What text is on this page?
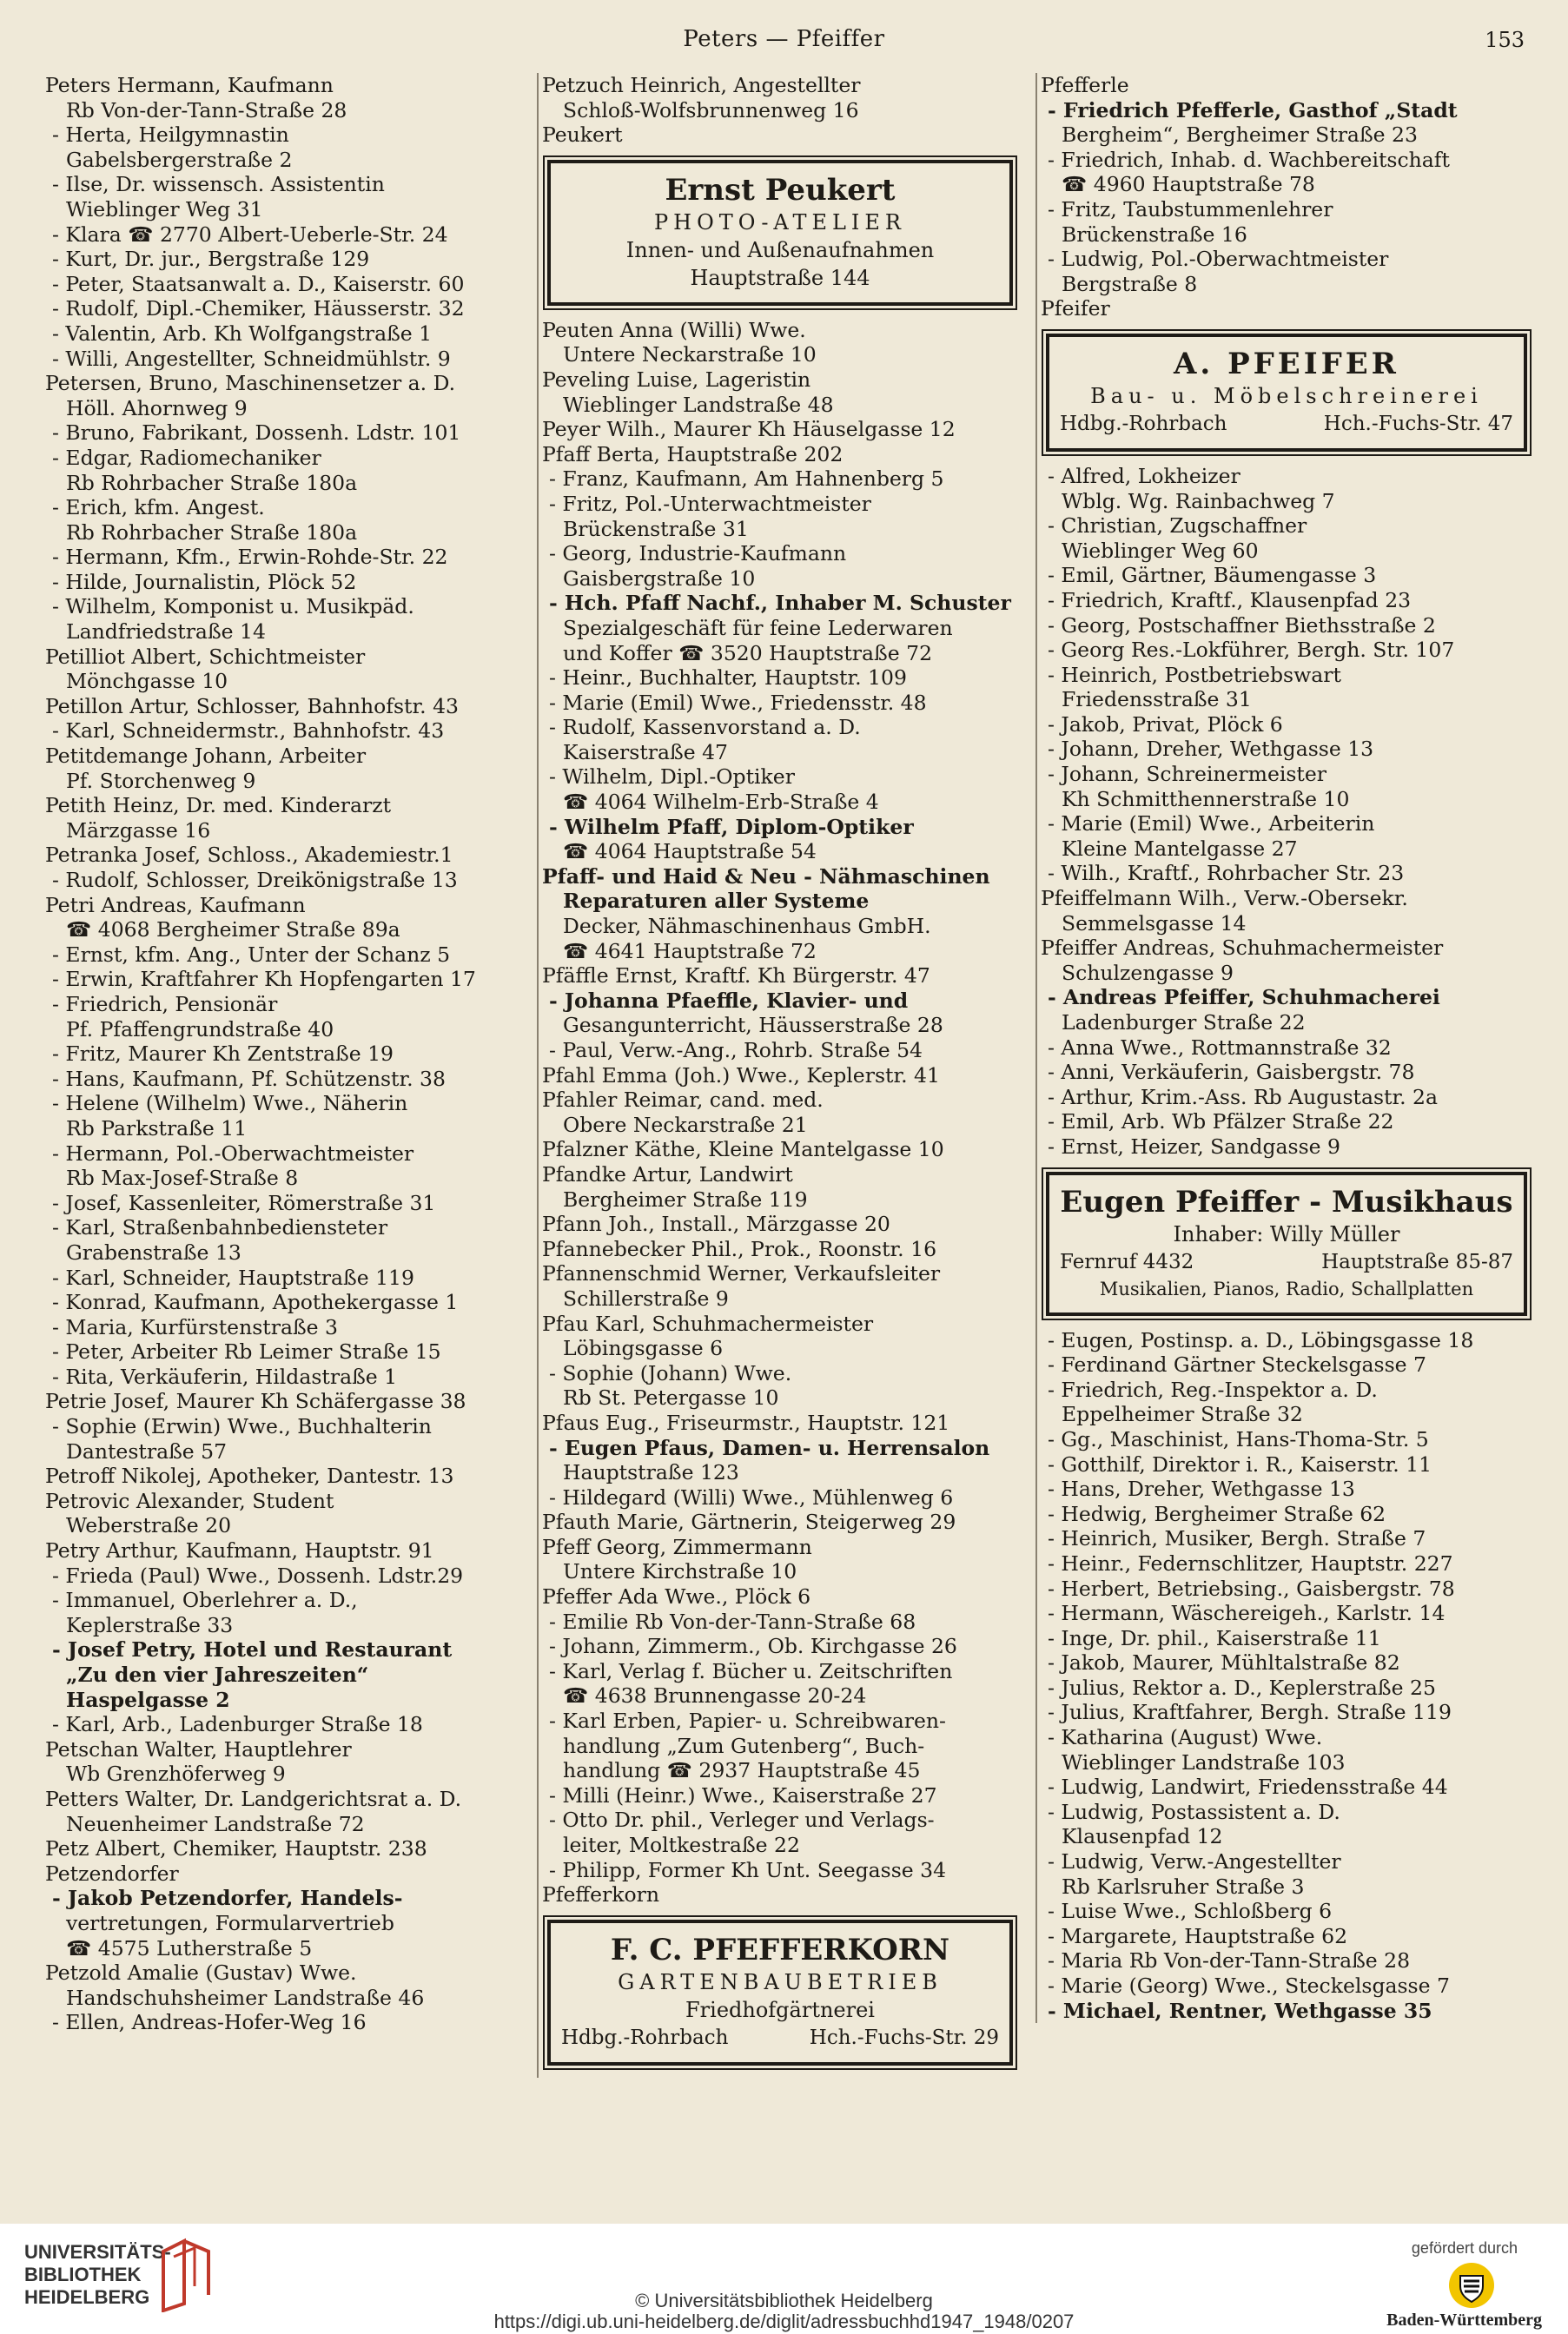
Peters — Pfeiffer	153
Peters Hermann, Kaufmann
Rb Von-der-Tann-Straße 28
- Herta, Heilgymnastin
Gabelsbergerstraße 2
- Ilse, Dr. wissensch. Assistentin
Wieblinger Weg 31
- Klara ☎ 2770 Albert-Ueberle-Str. 24
- Kurt, Dr. jur., Bergstraße 129
- Peter, Staatsanwalt a. D., Kaiserstr. 60
- Rudolf, Dipl.-Chemiker, Häusserstr. 32
- Valentin, Arb. Kh Wolfgangstraße 1
- Willi, Angestellter, Schneidmühlstr. 9
Petersen, Bruno, Maschinensetzer a. D.
Höll. Ahornweg 9
- Bruno, Fabrikant, Dossenh. Ldstr. 101
- Edgar, Radiomechaniker
Rb Rohrbacher Straße 180a
- Erich, kfm. Angest.
Rb Rohrbacher Straße 180a
- Hermann, Kfm., Erwin-Rohde-Str. 22
- Hilde, Journalistin, Plöck 52
- Wilhelm, Komponist u. Musikpäd.
Landfriedstraße 14
Petilliot Albert, Schichtmeister
Mönchgasse 10
Petillon Artur, Schlosser, Bahnhofstr. 43
- Karl, Schneidermstr., Bahnhofstr. 43
Petitdemange Johann, Arbeiter
Pf. Storchenweg 9
Petith Heinz, Dr. med. Kinderarzt
Märzgasse 16
Petranka Josef, Schloss., Akademiestr.1
- Rudolf, Schlosser, Dreikönigstraße 13
Petri Andreas, Kaufmann
☎ 4068 Bergheimer Straße 89a
- Ernst, kfm. Ang., Unter der Schanz 5
- Erwin, Kraftfahrer Kh Hopfengarten 17
- Friedrich, Pensionär
Pf. Pfaffengrundstraße 40
- Fritz, Maurer Kh Zentstraße 19
- Hans, Kaufmann, Pf. Schützenstr. 38
- Helene (Wilhelm) Wwe., Näherin
Rb Parkstraße 11
- Hermann, Pol.-Oberwachtmeister
Rb Max-Josef-Straße 8
- Josef, Kassenleiter, Römerstraße 31
- Karl, Straßenbahnbediensteter
Grabenstraße 13
- Karl, Schneider, Hauptstraße 119
- Konrad, Kaufmann, Apothekergasse 1
- Maria, Kurfürstenstraße 3
- Peter, Arbeiter Rb Leimer Straße 15
- Rita, Verkäuferin, Hildastraße 1
Petrie Josef, Maurer Kh Schäfergasse 38
- Sophie (Erwin) Wwe., Buchhalterin
Dantestraße 57
Petroff Nikolej, Apotheker, Dantestr. 13
Petrovic Alexander, Student
Weberstraße 20
Petry Arthur, Kaufmann, Hauptstr. 91
- Frieda (Paul) Wwe., Dossenh. Ldstr.29
- Immanuel, Oberlehrer a. D.,
Keplerstraße 33
- Josef Petry, Hotel und Restaurant
„Zu den vier Jahreszeiten“
Haspelgasse 2
- Karl, Arb., Ladenburger Straße 18
Petschan Walter, Hauptlehrer
Wb Grenzhöferweg 9
Petters Walter, Dr. Landgerichtsrat a. D.
Neuenheimer Landstraße 72
Petz Albert, Chemiker, Hauptstr. 238
Petzendorfer
- Jakob Petzendorfer, Handels-
vertretungen, Formularvertrieb
☎ 4575 Lutherstraße 5
Petzold Amalie (Gustav) Wwe.
Handschuhsheimer Landstraße 46
- Ellen, Andreas-Hofer-Weg 16
Petzuch Heinrich, Angestellter
Schloß-Wolfsbrunnenweg 16
Peukert
Ernst Peukert
PHOTO-ATELIER
Innen- und Außenaufnahmen
Hauptstraße 144
Peuten Anna (Willi) Wwe.
Untere Neckarstraße 10
Peveling Luise, Lageristin
Wieblinger Landstraße 48
Peyer Wilh., Maurer Kh Häuselgasse 12
Pfaff Berta, Hauptstraße 202
- Franz, Kaufmann, Am Hahnenberg 5
- Fritz, Pol.-Unterwachtmeister
Brückenstraße 31
- Georg, Industrie-Kaufmann
Gaisbergstraße 10
- Hch. Pfaff Nachf., Inhaber M. Schuster
Spezialgeschäft für feine Lederwaren
und Koffer ☎ 3520 Hauptstraße 72
- Heinr., Buchhalter, Hauptstr. 109
- Marie (Emil) Wwe., Friedensstr. 48
- Rudolf, Kassenvorstand a. D.
Kaiserstraße 47
- Wilhelm, Dipl.-Optiker
☎ 4064 Wilhelm-Erb-Straße 4
- Wilhelm Pfaff, Diplom-Optiker
☎ 4064 Hauptstraße 54
Pfaff- und Haid & Neu - Nähmaschinen
Reparaturen aller Systeme
Decker, Nähmaschinenhaus GmbH.
☎ 4641 Hauptstraße 72
Pfäffle Ernst, Kraftf. Kh Bürgerstr. 47
- Johanna Pfaeffle, Klavier- und
Gesangunterricht, Häusserstraße 28
- Paul, Verw.-Ang., Rohrb. Straße 54
Pfahl Emma (Joh.) Wwe., Keplerstr. 41
Pfahler Reimar, cand. med.
Obere Neckarstraße 21
Pfalzner Käthe, Kleine Mantelgasse 10
Pfandke Artur, Landwirt
Bergheimer Straße 119
Pfann Joh., Install., Märzgasse 20
Pfannebecker Phil., Prok., Roonstr. 16
Pfannenschmid Werner, Verkaufsleiter
Schillerstraße 9
Pfau Karl, Schuhmachermeister
Löbingsgasse 6
- Sophie (Johann) Wwe.
Rb St. Petergasse 10
Pfaus Eug., Friseurmstr., Hauptstr. 121
- Eugen Pfaus, Damen- u. Herrensalon
Hauptstraße 123
- Hildegard (Willi) Wwe., Mühlenweg 6
Pfauth Marie, Gärtnerin, Steigerweg 29
Pfeff Georg, Zimmermann
Untere Kirchstraße 10
Pfeffer Ada Wwe., Plöck 6
- Emilie Rb Von-der-Tann-Straße 68
- Johann, Zimmerm., Ob. Kirchgasse 26
- Karl, Verlag f. Bücher u. Zeitschriften
☎ 4638 Brunnengasse 20-24
- Karl Erben, Papier- u. Schreibwaren-
handlung „Zum Gutenberg“, Buch-
handlung ☎ 2937 Hauptstraße 45
- Milli (Heinr.) Wwe., Kaiserstraße 27
- Otto Dr. phil., Verleger und Verlags-
leiter, Moltkestraße 22
- Philipp, Former Kh Unt. Seegasse 34
Pfefferkorn
F. C. PFEFFERKORN
GARTENBAUBETRIEB
Friedhofgärtnerei
Hdbg.-Rohrbach	Hch.-Fuchs-Str. 29
Pfefferle
- Friedrich Pfefferle, Gasthof „Stadt
Bergheim“, Bergheimer Straße 23
- Friedrich, Inhab. d. Wachbereitschaft
☎ 4960 Hauptstraße 78
- Fritz, Taubstummenlehrer
Brückenstraße 16
- Ludwig, Pol.-Oberwachtmeister
Bergstraße 8
Pfeifer
A. PFEIFER
Bau- u. Möbelschreinerei
Hdbg.-Rohrbach	Hch.-Fuchs-Str. 47
- Alfred, Lokheizer
Wblg. Wg. Rainbachweg 7
- Christian, Zugschaffner
Wieblinger Weg 60
- Emil, Gärtner, Bäumengasse 3
- Friedrich, Kraftf., Klausenpfad 23
- Georg, Postschaffner Biethsstraße 2
- Georg Res.-Lokführer, Bergh. Str. 107
- Heinrich, Postbetriebswart
Friedensstraße 31
- Jakob, Privat, Plöck 6
- Johann, Dreher, Wethgasse 13
- Johann, Schreinermeister
Kh Schmitthennerstraße 10
- Marie (Emil) Wwe., Arbeiterin
Kleine Mantelgasse 27
- Wilh., Kraftf., Rohrbacher Str. 23
Pfeiffelmann Wilh., Verw.-Obersekr.
Semmelsgasse 14
Pfeiffer Andreas, Schuhmachermeister
Schulzengasse 9
- Andreas Pfeiffer, Schuhmacherei
Ladenburger Straße 22
- Anna Wwe., Rottmannstraße 32
- Anni, Verkäuferin, Gaisbergstr. 78
- Arthur, Krim.-Ass. Rb Augustastr. 2a
- Emil, Arb. Wb Pfälzer Straße 22
- Ernst, Heizer, Sandgasse 9
Eugen Pfeiffer - Musikhaus
Inhaber: Willy Müller
Fernruf 4432	Hauptstraße 85-87
Musikalien, Pianos, Radio, Schallplatten
- Eugen, Postinsp. a. D., Löbingsgasse 18
- Ferdinand Gärtner Steckelsgasse 7
- Friedrich, Reg.-Inspektor a. D.
Eppelheimer Straße 32
- Gg., Maschinist, Hans-Thoma-Str. 5
- Gotthilf, Direktor i. R., Kaiserstr. 11
- Hans, Dreher, Wethgasse 13
- Hedwig, Bergheimer Straße 62
- Heinrich, Musiker, Bergh. Straße 7
- Heinr., Federnschlitzer, Hauptstr. 227
- Herbert, Betriebsing., Gaisbergstr. 78
- Hermann, Wäschereigeh., Karlstr. 14
- Inge, Dr. phil., Kaiserstraße 11
- Jakob, Maurer, Mühltalstraße 82
- Julius, Rektor a. D., Keplerstraße 25
- Julius, Kraftfahrer, Bergh. Straße 119
- Katharina (August) Wwe.
Wieblinger Landstraße 103
- Ludwig, Landwirt, Friedensstraße 44
- Ludwig, Postassistent a. D.
Klausenpfad 12
- Ludwig, Verw.-Angestellter
Rb Karlsruher Straße 3
- Luise Wwe., Schloßberg 6
- Margarete, Hauptstraße 62
- Maria Rb Von-der-Tann-Straße 28
- Marie (Georg) Wwe., Steckelsgasse 7
- Michael, Rentner, Wethgasse 35
UNIVERSITÄTS-
BIBLIOTHEK
HEIDELBERG	© Universitätsbibliothek Heidelberg
https://digi.ub.uni-heidelberg.de/diglit/adressbuchhd1947_1948/0207
gefördert durch
Baden-Württemberg
